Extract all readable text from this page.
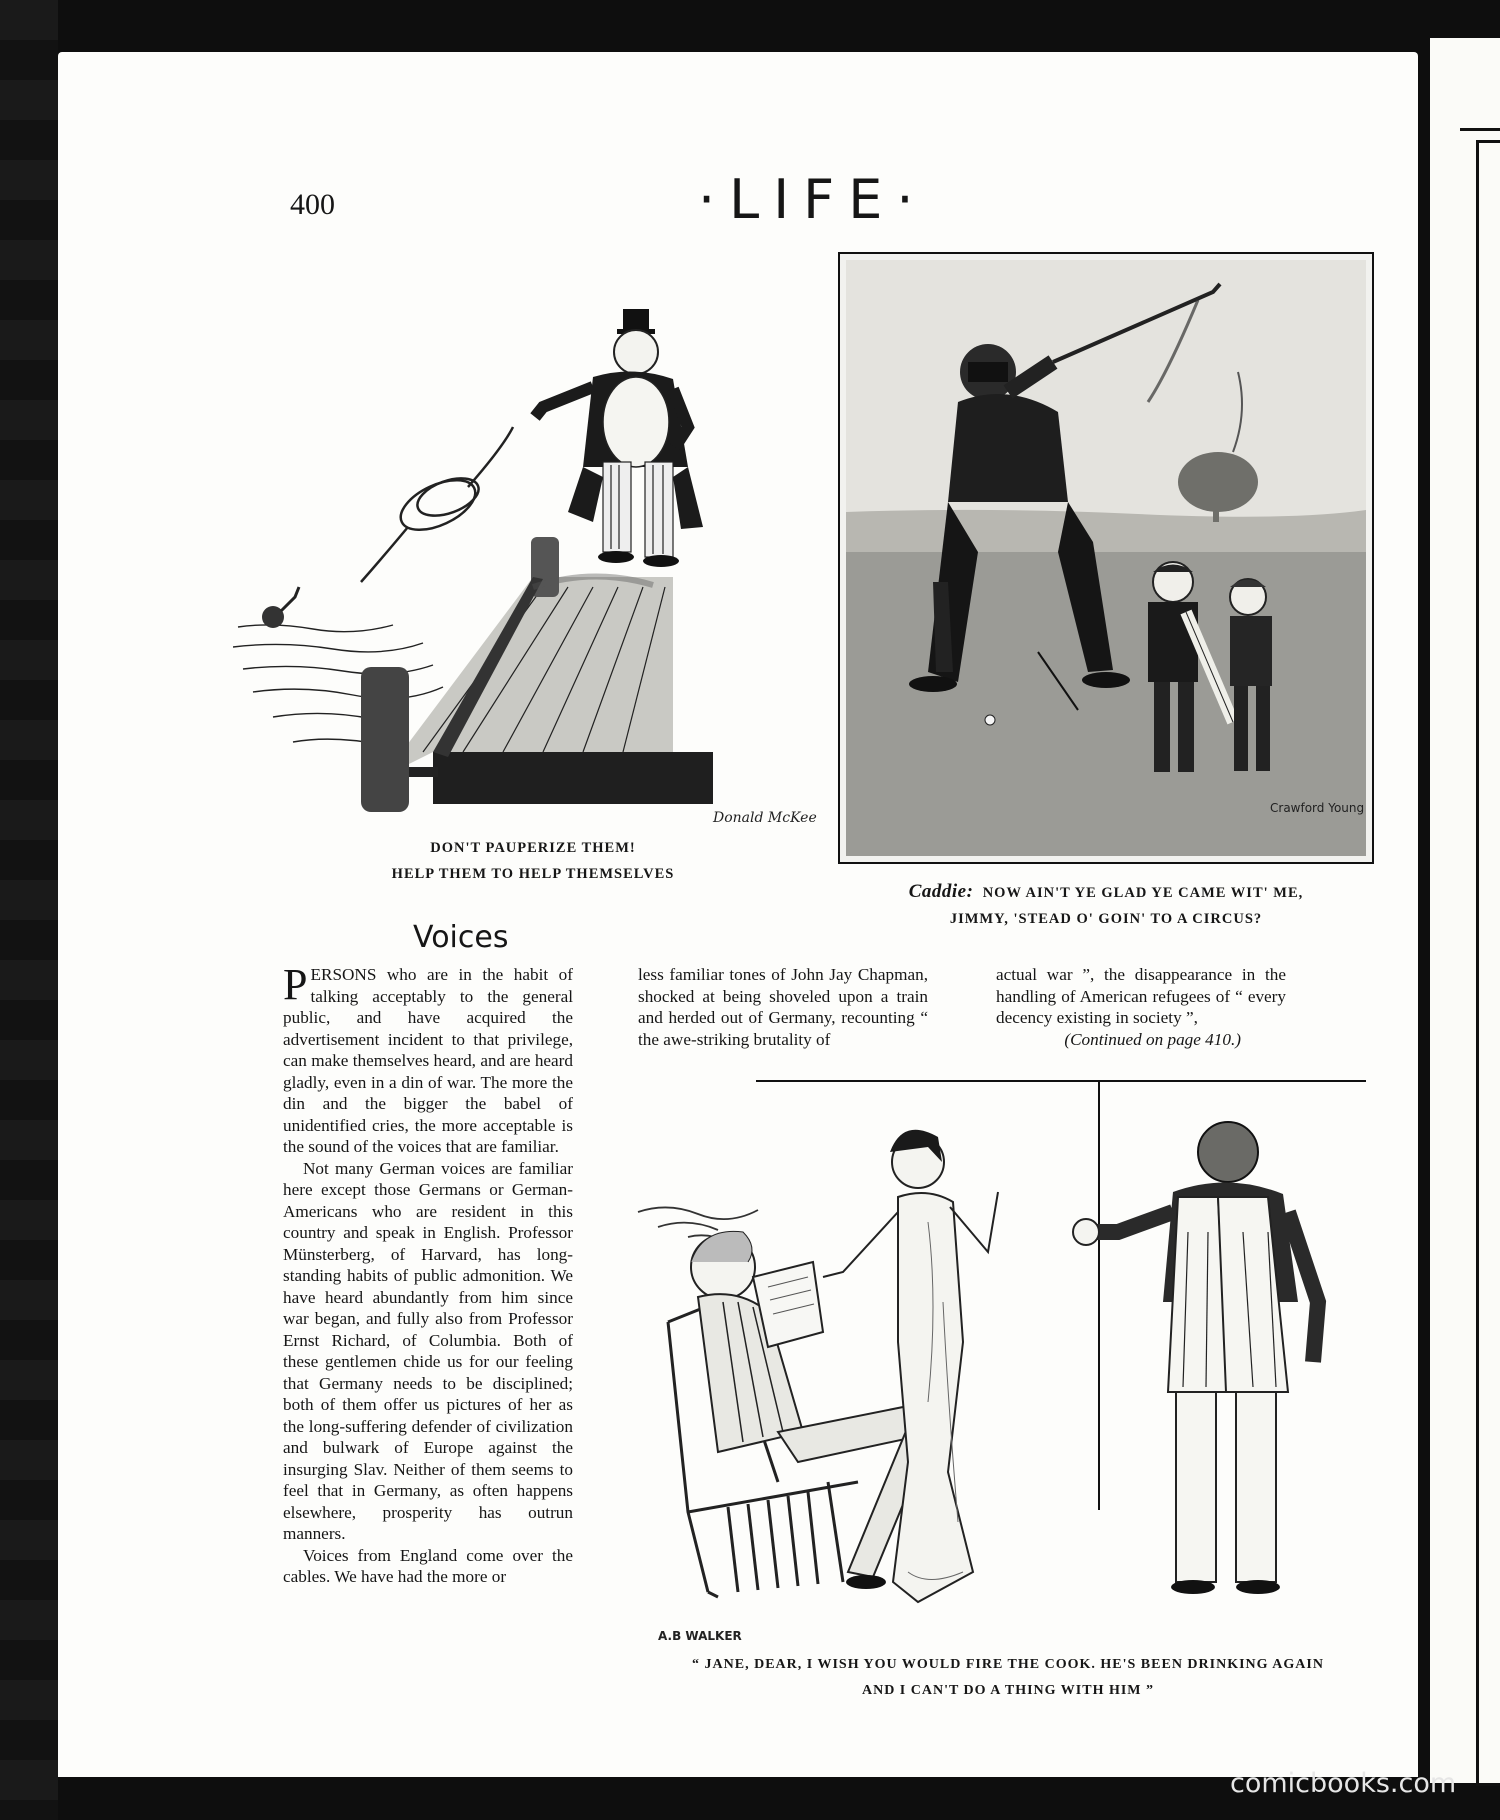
400	·LIFE·
Donald McKee
DON'T PAUPERIZE THEM!
HELP THEM TO HELP THEMSELVES
Crawford Young
Caddie: NOW AIN'T YE GLAD YE CAME WIT' ME,
JIMMY, 'STEAD O' GOIN' TO A CIRCUS?
Voices

PERSONS who are in the habit of talking acceptably to the general public, and have acquired the advertisement incident to that privilege, can make themselves heard, and are heard gladly, even in a din of war. The more the din and the bigger the babel of unidentified cries, the more acceptable is the sound of the voices that are familiar.

Not many German voices are familiar here except those Germans or German-Americans who are resident in this country and speak in English. Professor Münsterberg, of Harvard, has long-standing habits of public admonition. We have heard abundantly from him since war began, and fully also from Professor Ernst Richard, of Columbia. Both of these gentlemen chide us for our feeling that Germany needs to be disciplined; both of them offer us pictures of her as the long-suffering defender of civilization and bulwark of Europe against the insurging Slav. Neither of them seems to feel that in Germany, as often happens elsewhere, prosperity has outrun manners.

Voices from England come over the cables. We have had the more or

less familiar tones of John Jay Chapman, shocked at being shoveled upon a train and herded out of Germany, recounting “ the awe-striking brutality of

actual war ”, the disappearance in the handling of American refugees of “ every decency existing in society ”,

(Continued on page 410.)

A.B WALKER
“ JANE, DEAR, I WISH YOU WOULD FIRE THE COOK. HE'S BEEN DRINKING AGAIN
AND I CAN'T DO A THING WITH HIM ”
comicbooks.com
